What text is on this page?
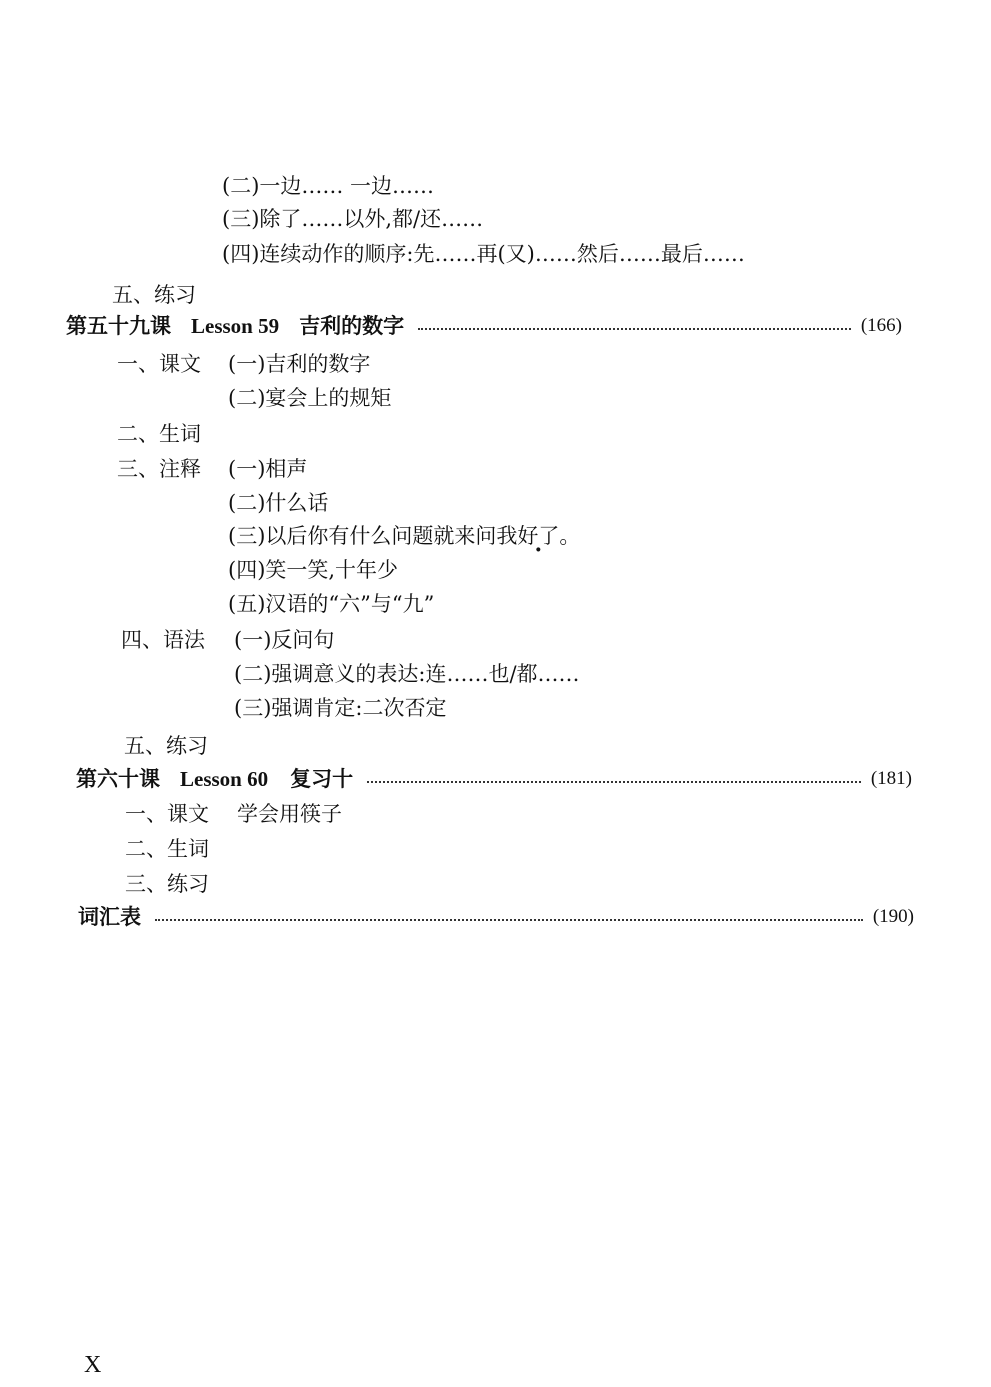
(二)一边…… 一边……
(三)除了……以外,都/还……
(四)连续动作的顺序:先……再(又)……然后……最后……
五、练习
第五十九课 Lesson 59 吉利的数字	(166)
一、课文 (一)吉利的数字
(二)宴会上的规矩
二、生词
三、注释 (一)相声
(二)什么话
(三)以后你有什么问题就来问我好了。
(四)笑一笑,十年少
(五)汉语的“六”与“九”
四、语法 (一)反问句
(二)强调意义的表达:连……也/都……
(三)强调肯定:二次否定
五、练习
第六十课 Lesson 60 复习十	(181)
一、课文 学会用筷子
二、生词
三、练习
词汇表	(190)
X
